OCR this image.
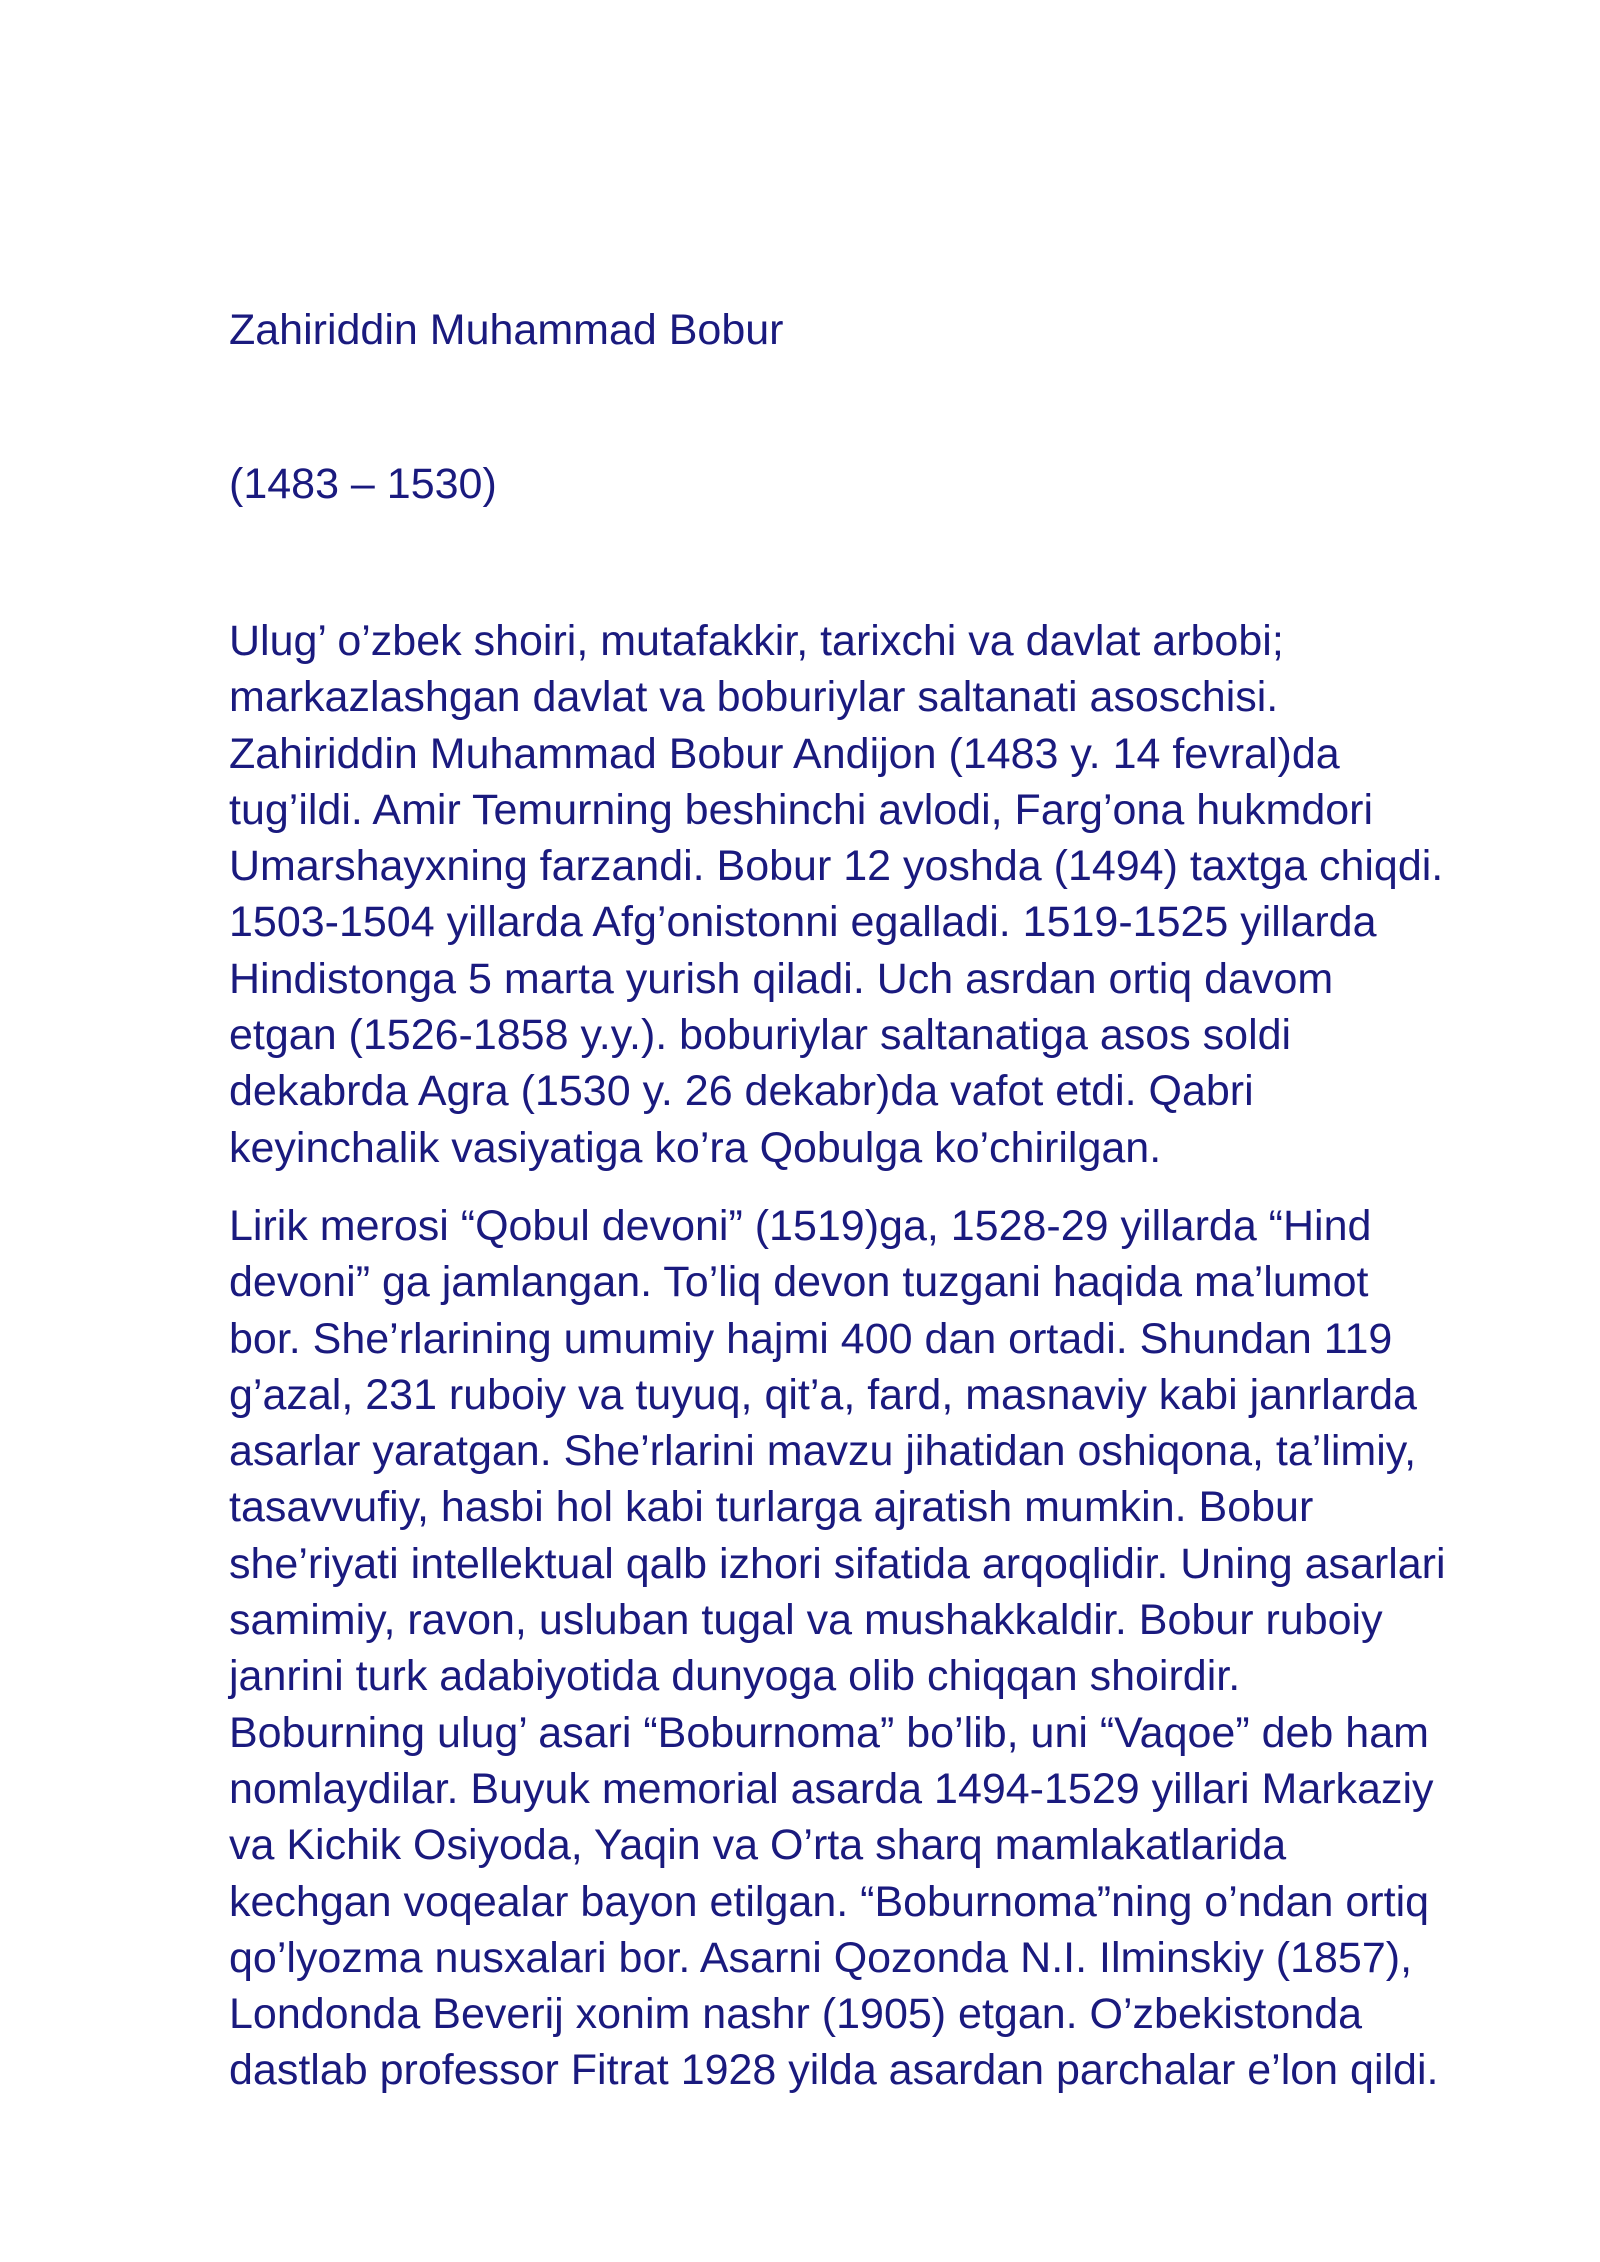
Zahiriddin Muhammad Bobur
(1483 – 1530)
Ulug’ o’zbek shoiri, mutafakkir, tarixchi va davlat arbobi;
markazlashgan davlat va boburiylar saltanati asoschisi.
Zahiriddin Muhammad Bobur Andijon (1483 y. 14 fevral)da
tug’ildi. Amir Temurning beshinchi avlodi, Farg’ona hukmdori
Umarshayxning farzandi. Bobur 12 yoshda (1494) taxtga chiqdi.
1503-1504 yillarda Afg’onistonni egalladi. 1519-1525 yillarda
Hindistonga 5 marta yurish qiladi. Uch asrdan ortiq davom
etgan (1526-1858 y.y.). boburiylar saltanatiga asos soldi
dekabrda Agra (1530 y. 26 dekabr)da vafot etdi. Qabri
keyinchalik vasiyatiga ko’ra Qobulga ko’chirilgan.
Lirik merosi “Qobul devoni” (1519)ga, 1528-29 yillarda “Hind
devoni” ga jamlangan. To’liq devon tuzgani haqida ma’lumot
bor. She’rlarining umumiy hajmi 400 dan ortadi. Shundan 119
g’azal, 231 ruboiy va tuyuq, qit’a, fard, masnaviy kabi janrlarda
asarlar yaratgan. She’rlarini mavzu jihatidan oshiqona, ta’limiy,
tasavvufiy, hasbi hol kabi turlarga ajratish mumkin. Bobur
she’riyati intellektual qalb izhori sifatida arqoqlidir. Uning asarlari
samimiy, ravon, usluban tugal va mushakkaldir. Bobur ruboiy
janrini turk adabiyotida dunyoga olib chiqqan shoirdir.
Boburning ulug’ asari “Boburnoma” bo’lib, uni “Vaqoe” deb ham
nomlaydilar. Buyuk memorial asarda 1494-1529 yillari Markaziy
va Kichik Osiyoda, Yaqin va O’rta sharq mamlakatlarida
kechgan voqealar bayon etilgan. “Boburnoma”ning o’ndan ortiq
qo’lyozma nusxalari bor. Asarni Qozonda N.I. Ilminskiy (1857),
Londonda Beverij xonim nashr (1905) etgan. O’zbekistonda
dastlab professor Fitrat 1928 yilda asardan parchalar e’lon qildi.
